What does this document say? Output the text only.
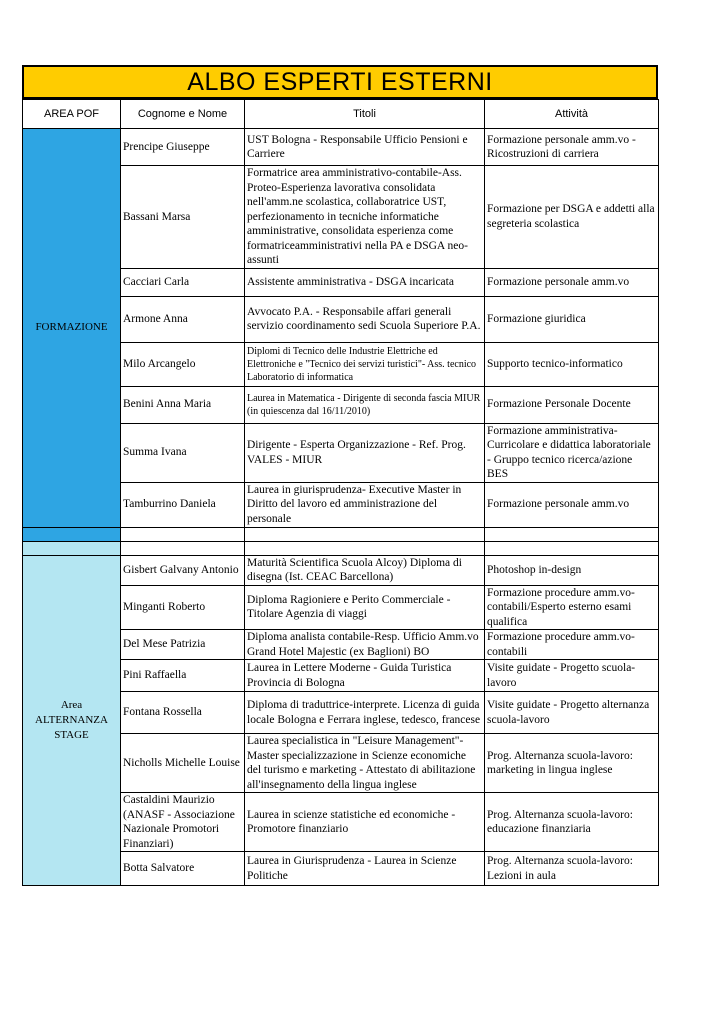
ALBO ESPERTI ESTERNI
AREA POF	Cognome e Nome	Titoli	Attività
FORMAZIONE	Prencipe Giuseppe	UST Bologna - Responsabile Ufficio Pensioni e Carriere	Formazione personale amm.vo - Ricostruzioni di carriera
	Bassani Marsa	Formatrice area amministrativo-contabile-Ass. Proteo-Esperienza lavorativa consolidata nell'amm.ne scolastica, collaboratrice UST, perfezionamento in tecniche informatiche amministrative, consolidata esperienza come formatriceamministrativi nella PA e DSGA neo-assunti	Formazione per DSGA e addetti alla segreteria scolastica
	Cacciari Carla	Assistente amministrativa - DSGA incaricata	Formazione personale amm.vo
	Armone Anna	Avvocato P.A. - Responsabile affari generali servizio coordinamento sedi Scuola Superiore P.A.	Formazione giuridica
	Milo Arcangelo	Diplomi di Tecnico delle Industrie Elettriche ed Elettroniche e "Tecnico dei servizi turistici"- Ass. tecnico Laboratorio di informatica	Supporto tecnico-informatico
	Benini Anna Maria	Laurea in Matematica - Dirigente di seconda fascia MIUR (in quiescenza dal 16/11/2010)	Formazione Personale Docente
	Summa Ivana	Dirigente - Esperta Organizzazione - Ref. Prog. VALES - MIUR	Formazione amministrativa-Curricolare e didattica laboratoriale - Gruppo tecnico ricerca/azione BES
	Tamburrino Daniela	Laurea in giurisprudenza- Executive Master in Diritto del lavoro ed amministrazione del personale	Formazione personale amm.vo

Area
ALTERNANZA
STAGE	Gisbert Galvany Antonio	Maturità Scientifica Scuola Alcoy) Diploma di disegna (Ist. CEAC Barcellona)	Photoshop in-design
	Minganti Roberto	Diploma Ragioniere e Perito Commerciale - Titolare Agenzia di viaggi	Formazione procedure amm.vo-contabili/Esperto esterno esami qualifica
	Del Mese Patrizia	Diploma analista contabile-Resp. Ufficio Amm.vo Grand Hotel Majestic (ex Baglioni) BO	Formazione procedure amm.vo-contabili
	Pini Raffaella	Laurea in Lettere Moderne - Guida Turistica Provincia di Bologna	Visite guidate - Progetto scuola-lavoro
	Fontana Rossella	Diploma di traduttrice-interprete. Licenza di guida locale Bologna e Ferrara inglese, tedesco, francese	Visite guidate - Progetto alternanza scuola-lavoro
	Nicholls Michelle Louise	Laurea specialistica in "Leisure Management"- Master specializzazione in Scienze economiche del turismo e marketing - Attestato di abilitazione all'insegnamento della lingua inglese	Prog. Alternanza scuola-lavoro: marketing in lingua inglese
	Castaldini Maurizio (ANASF - Associazione Nazionale Promotori Finanziari)	Laurea in scienze statistiche ed economiche - Promotore finanziario	Prog. Alternanza scuola-lavoro: educazione finanziaria
	Botta Salvatore	Laurea in Giurisprudenza - Laurea in Scienze Politiche	Prog. Alternanza scuola-lavoro: Lezioni in aula
